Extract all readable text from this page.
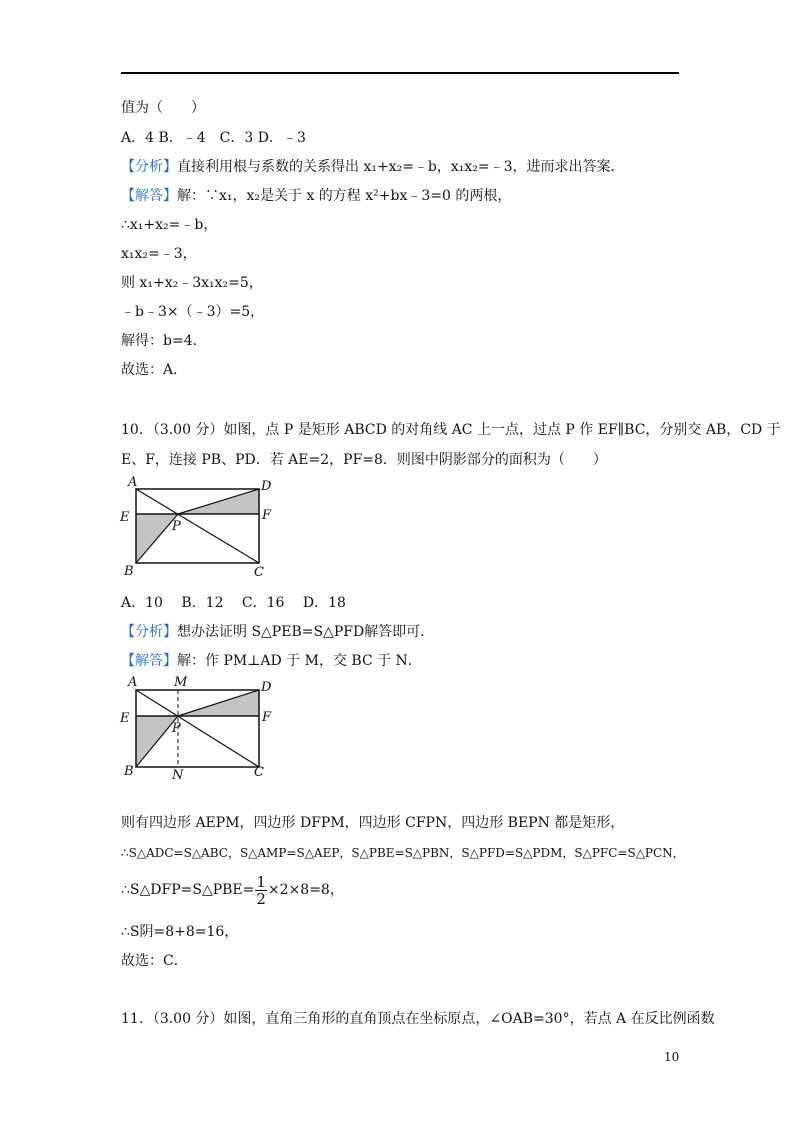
值为（　　）
A．4 B．﹣4　C．3 D．﹣3
【分析】直接利用根与系数的关系得出 x₁+x₂=﹣b，x₁x₂=﹣3，进而求出答案．
【解答】解：∵x₁，x₂是关于 x 的方程 x²+bx﹣3=0 的两根，
∴x₁+x₂=﹣b，
x₁x₂=﹣3，
则 x₁+x₂﹣3x₁x₂=5，
﹣b﹣3×（﹣3）=5，
解得：b=4．
故选：A．
10．（3.00 分）如图，点 P 是矩形 ABCD 的对角线 AC 上一点，过点 P 作 EF∥BC，分别交 AB，CD 于
E、F，连接 PB、PD．若 AE=2，PF=8．则图中阴影部分的面积为（　　）
A	D
E	F
P
B	C
A．10　 B．12　 C．16　 D．18
【分析】想办法证明 S△PEB=S△PFD解答即可．
【解答】解：作 PM⊥AD 于 M，交 BC 于 N．
A	M	D
E	F
P
B	N	C
则有四边形 AEPM，四边形 DFPM，四边形 CFPN，四边形 BEPN 都是矩形，
∴S△ADC=S△ABC，S△AMP=S△AEP，S△PBE=S△PBN，S△PFD=S△PDM，S△PFC=S△PCN，
∴S△DFP=S△PBE= $\frac{1}{2} \times 2\times 8=8$，
∴S阴=8+8=16，
故选：C．
11．（3.00 分）如图，直角三角形的直角顶点在坐标原点，∠OAB=30°，若点 A 在反比例函数
10
